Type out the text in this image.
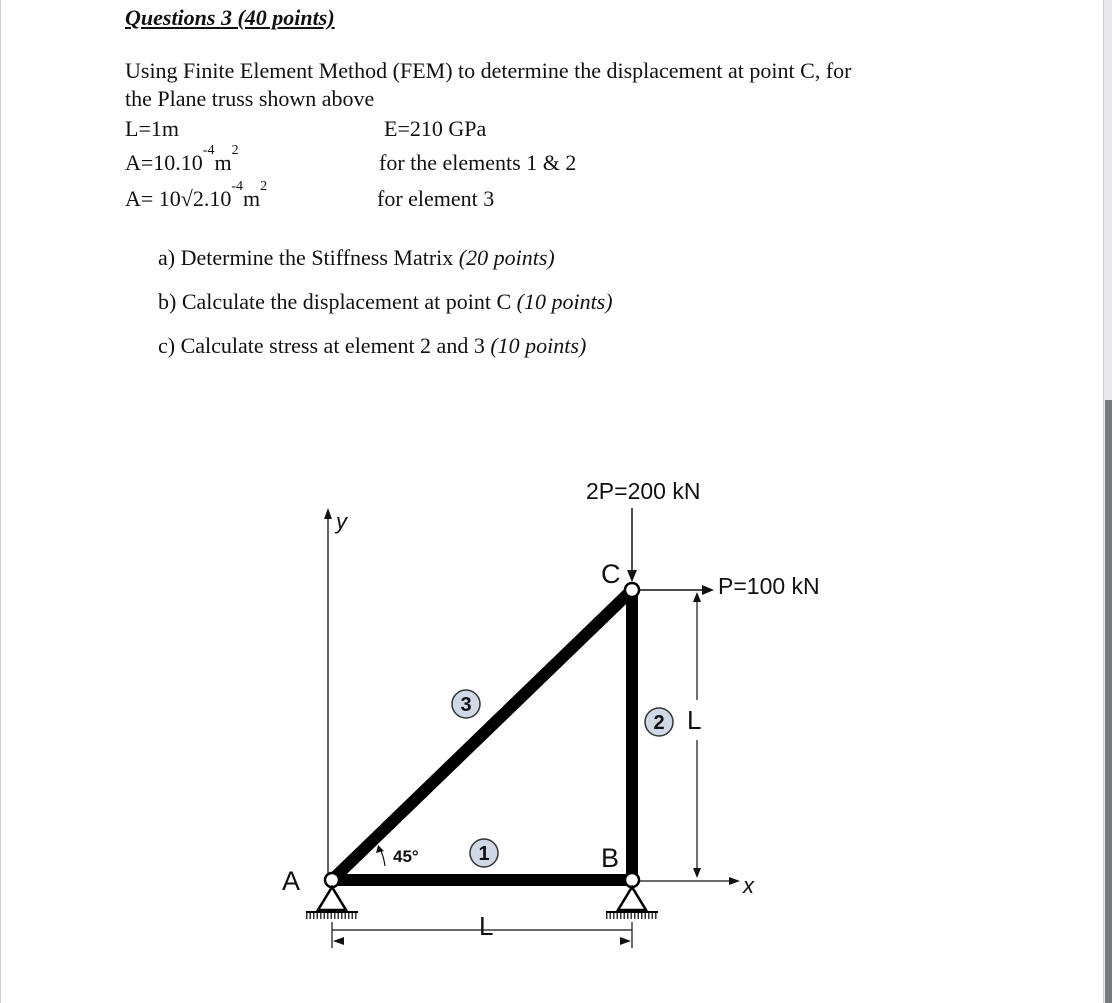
Questions 3 (40 points)
Using Finite Element Method (FEM) to determine the displacement at point C, for
the Plane truss shown above
L=1m	E=210 GPa
$A=10.10^{-4}m^2$	for the elements 1 & 2
$A= 10√2.10^{-4}m^2$	for element 3
a) Determine the Stiffness Matrix (20 points)
b) Calculate the displacement at point C (10 points)
c) Calculate stress at element 2 and 3 (10 points)
y
x
A
B
C
2P=200 kN
P=100 kN
L
L
45°
3
1
2
